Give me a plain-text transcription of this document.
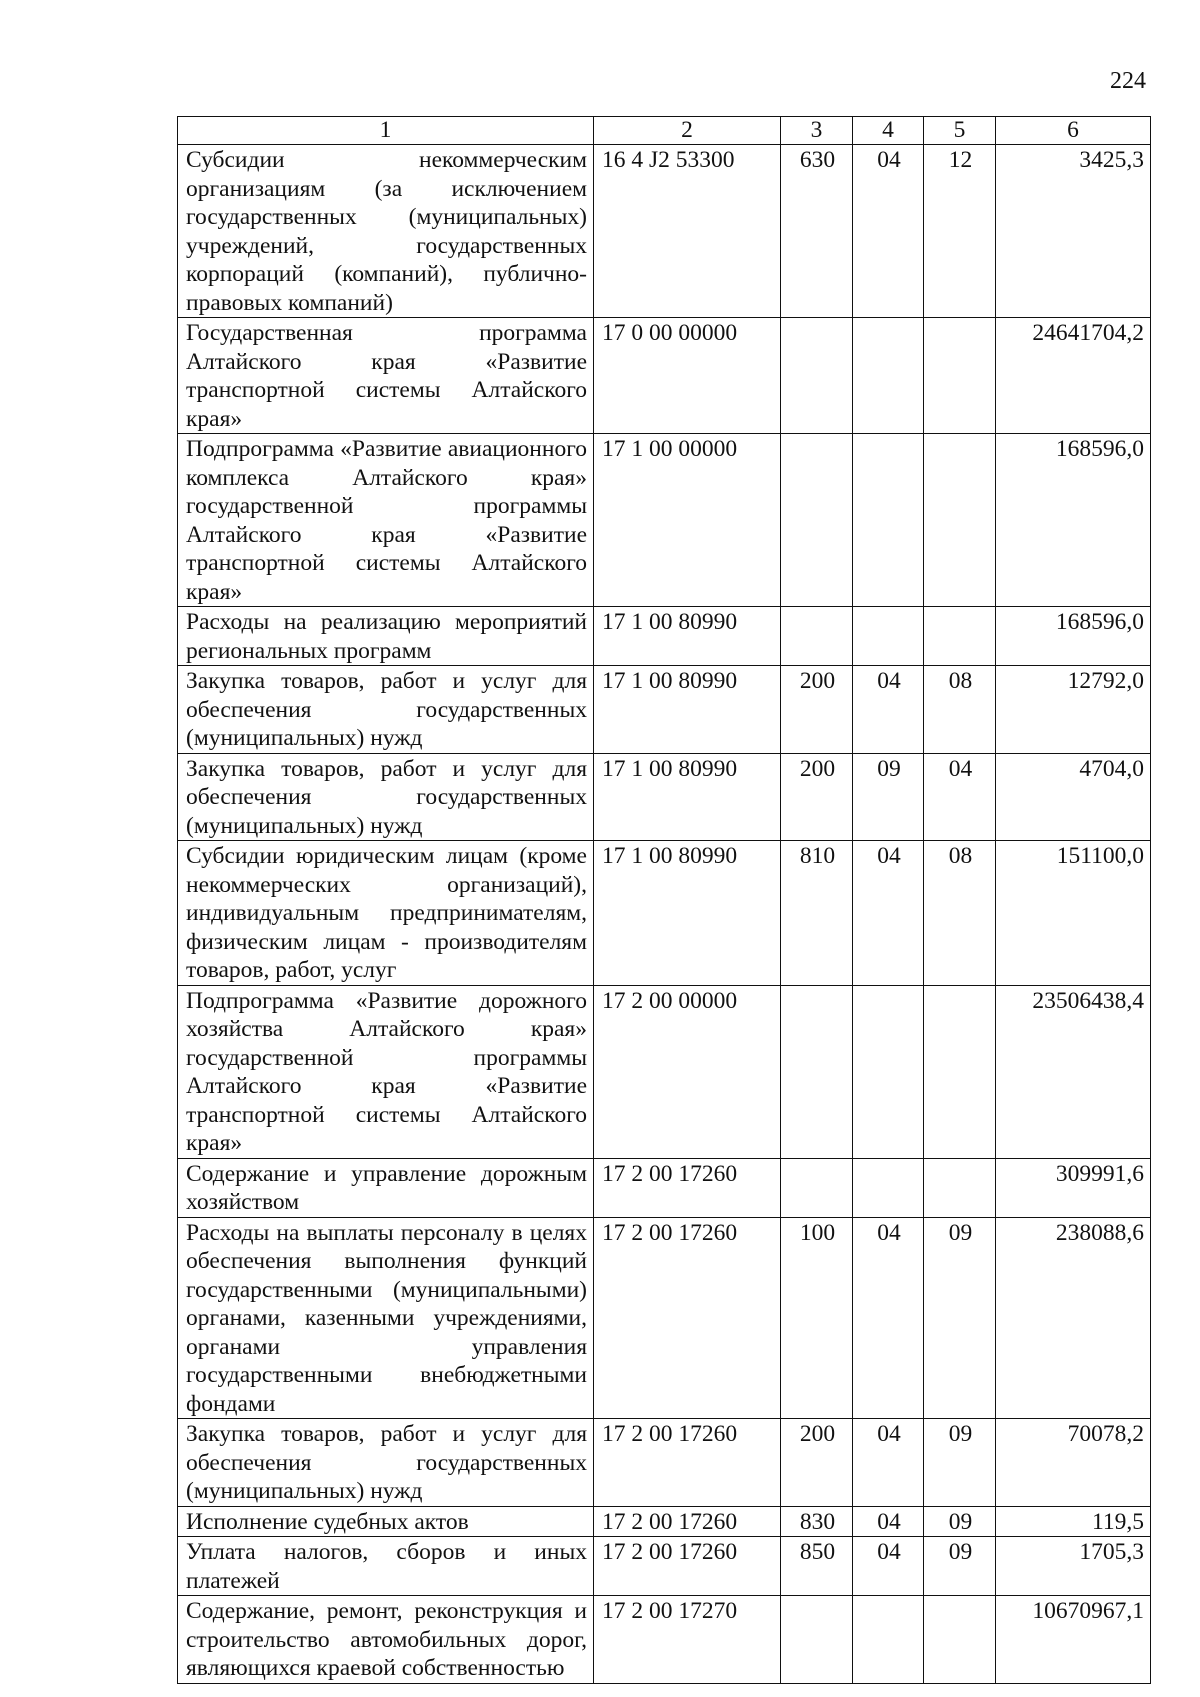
224
1	2	3	4	5	6
Субсидии некоммерческим организациям (за исключением государственных (муниципальных) учреждений, государственных корпораций (компаний), публично-правовых компаний)	16 4 J2 53300	630	04	12	3425,3
Государственная программа Алтайского края «Развитие транспортной системы Алтайского края»	17 0 00 00000				24641704,2
Подпрограмма «Развитие авиационного комплекса Алтайского края» государственной программы Алтайского края «Развитие транспортной системы Алтайского края»	17 1 00 00000				168596,0
Расходы на реализацию мероприятий региональных программ	17 1 00 80990				168596,0
Закупка товаров, работ и услуг для обеспечения государственных (муниципальных) нужд	17 1 00 80990	200	04	08	12792,0
Закупка товаров, работ и услуг для обеспечения государственных (муниципальных) нужд	17 1 00 80990	200	09	04	4704,0
Субсидии юридическим лицам (кроме некоммерческих организаций), индивидуальным предпринимателям, физическим лицам - производителям товаров, работ, услуг	17 1 00 80990	810	04	08	151100,0
Подпрограмма «Развитие дорожного хозяйства Алтайского края» государственной программы Алтайского края «Развитие транспортной системы Алтайского края»	17 2 00 00000				23506438,4
Содержание и управление дорожным хозяйством	17 2 00 17260				309991,6
Расходы на выплаты персоналу в целях обеспечения выполнения функций государственными (муниципальными) органами, казенными учреждениями, органами управления государственными внебюджетными фондами	17 2 00 17260	100	04	09	238088,6
Закупка товаров, работ и услуг для обеспечения государственных (муниципальных) нужд	17 2 00 17260	200	04	09	70078,2
Исполнение судебных актов	17 2 00 17260	830	04	09	119,5
Уплата налогов, сборов и иных платежей	17 2 00 17260	850	04	09	1705,3
Содержание, ремонт, реконструкция и строительство автомобильных дорог, являющихся краевой собственностью	17 2 00 17270				10670967,1
